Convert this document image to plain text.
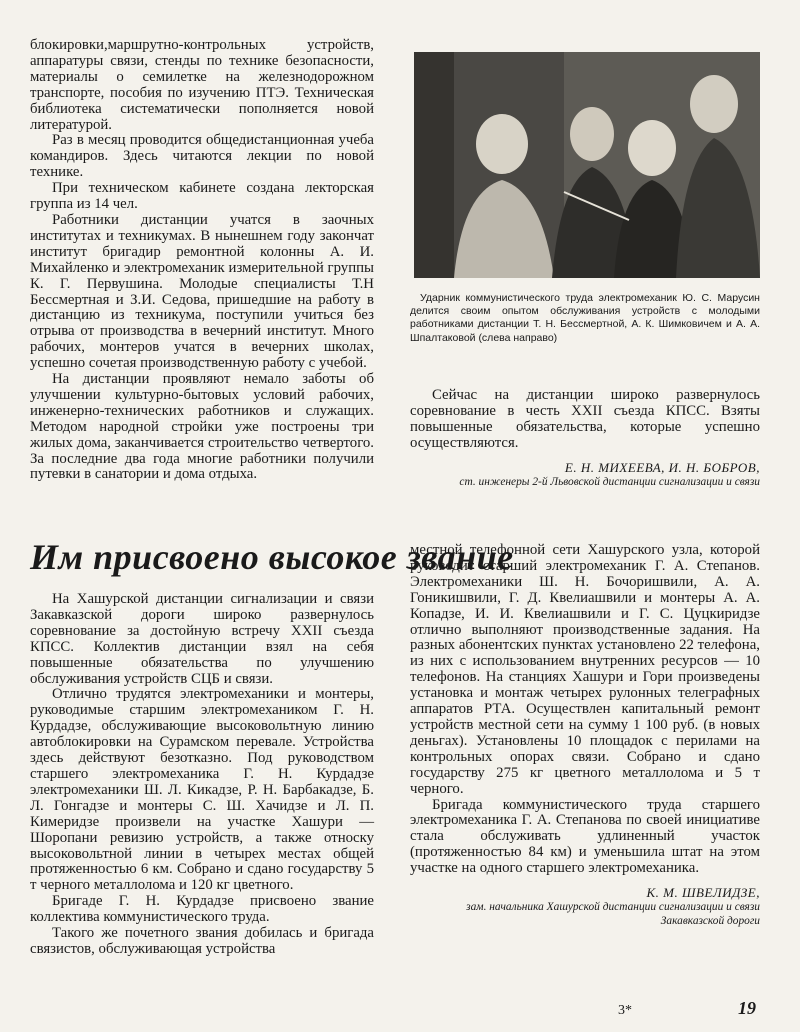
блокировки,маршрутно-контрольных устройств, аппаратуры связи, стенды по технике безопасности, материалы о семилетке на железнодорожном транспорте, пособия по изучению ПТЭ. Техническая библиотека систематически пополняется новой литературой.

Раз в месяц проводится общедистанционная учеба командиров. Здесь читаются лекции по новой технике.

При техническом кабинете создана лекторская группа из 14 чел.

Работники дистанции учатся в заочных институтах и техникумах. В нынешнем году закончат институт бригадир ремонтной колонны А. И. Михайленко и электромеханик измерительной группы К. Г. Первушина. Молодые специалисты Т.Н Бессмертная и З.И. Седова, пришедшие на работу в дистанцию из техникума, поступили учиться без отрыва от производства в вечерний институт. Много рабочих, монтеров учатся в вечерних школах, успешно сочетая производственную работу с учебой.

На дистанции проявляют немало заботы об улучшении культурно-бытовых условий рабочих, инженерно-технических работников и служащих. Методом народной стройки уже построены три жилых дома, заканчивается строительство четвертого. За последние два года многие работники получили путевки в санатории и дома отдыха.

Ударник коммунистического труда электромеханик Ю. С. Марусин делится своим опытом обслуживания устройств с молодыми работниками дистанции Т. Н. Бессмертной, А. К. Шимковичем и А. А. Шпалтаковой (слева направо)

Сейчас на дистанции широко развернулось соревнование в честь XXII съезда КПСС. Взяты повышенные обязательства, которые успешно осуществляются.

Е. Н. МИХЕЕВА, И. Н. БОБРОВ,
ст. инженеры 2-й Львовской дистанции сигнализации и связи
Им присвоено высокое звание

На Хашурской дистанции сигнализации и связи Закавказской дороги широко развернулось соревнование за достойную встречу XXII съезда КПСС. Коллектив дистанции взял на себя повышенные обязательства по улучшению обслуживания устройств СЦБ и связи.

Отлично трудятся электромеханики и монтеры, руководимые старшим электромехаником Г. Н. Курдадзе, обслуживающие высоковольтную линию автоблокировки на Сурамском перевале. Устройства здесь действуют безотказно. Под руководством старшего электромеханика Г. Н. Курдадзе электромеханики Ш. Л. Кикадзе, Р. Н. Барбакадзе, Б. Л. Гонгадзе и монтеры С. Ш. Хачидзе и Л. П. Кимеридзе произвели на участке Хашури — Шоропани ревизию устройств, а также отноcку высоковольтной линии в четырех местах общей протяженностью 6 км. Собрано и сдано государству 5 т черного металлолома и 120 кг цветного.

Бригаде Г. Н. Курдадзе присвоено звание коллектива коммунистического труда.

Такого же почетного звания добилась и бригада связистов, обслуживающая устройства

местной телефонной сети Хашурского узла, которой руководит старший электромеханик Г. А. Степанов. Электромеханики Ш. Н. Бочоришвили, А. А. Гоникишвили, Г. Д. Квелиашвили и монтеры А. А. Копадзе, И. И. Квелиашвили и Г. С. Цуцкиридзе отлично выполняют производственные задания. На разных абонентских пунктах установлено 22 телефона, из них с использованием внутренних ресурсов — 10 телефонов. На станциях Хашури и Гори произведены установка и монтаж четырех рулонных телеграфных аппаратов РТА. Осуществлен капитальный ремонт устройств местной сети на сумму 1 100 руб. (в новых деньгах). Установлены 10 площадок с перилами на контрольных опорах связи. Собрано и сдано государству 275 кг цветного металлолома и 5 т черного.

Бригада коммунистического труда старшего электромеханика Г. А. Степанова по своей инициативе стала обслуживать удлиненный участок (протяженностью 84 км) и уменьшила штат на этом участке на одного старшего электромеханика.

К. М. ШВЕЛИДЗЕ,
зам. начальника Хашурской дистанции сигнализации и связи Закавказской дороги
3*	19
